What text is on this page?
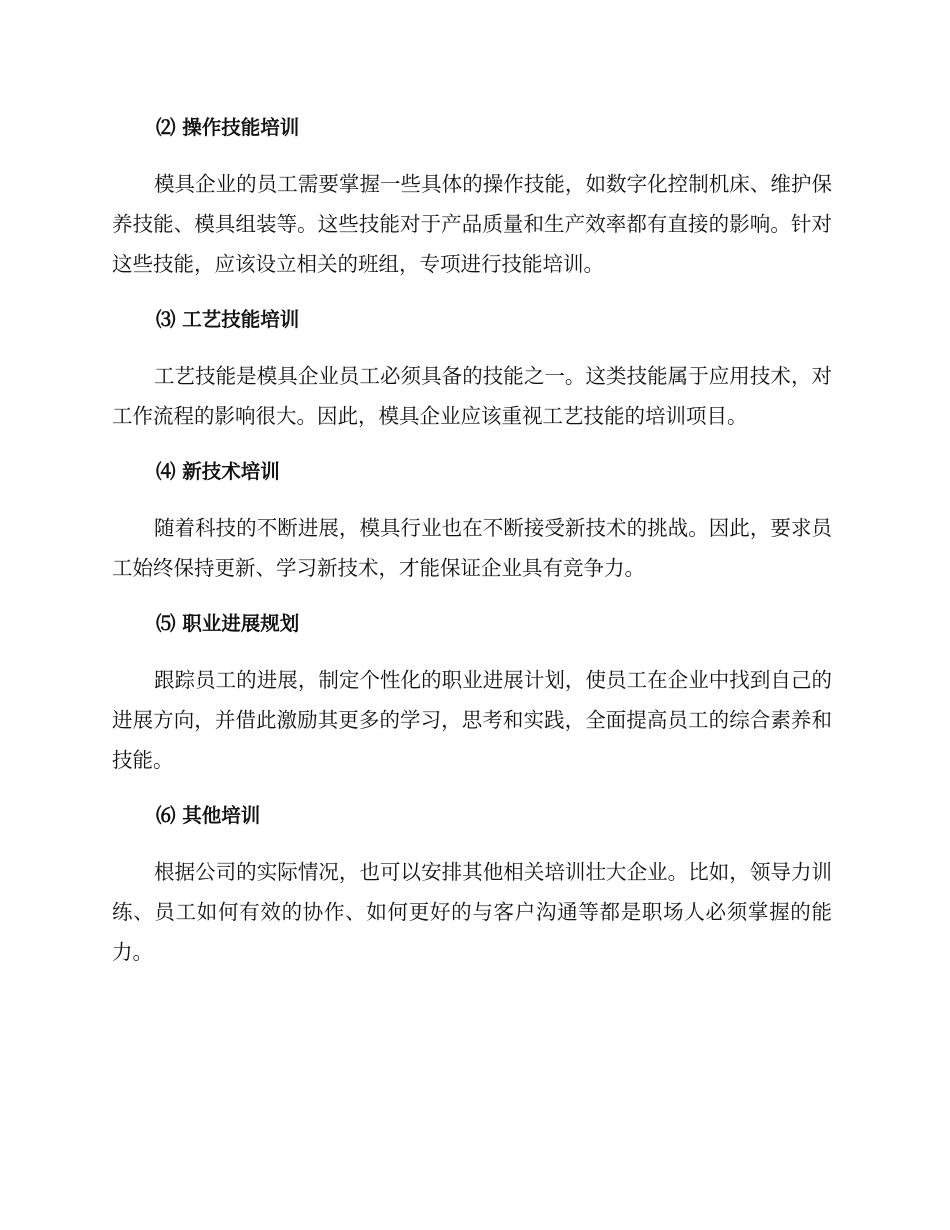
⑵ 操作技能培训

模具企业的员工需要掌握一些具体的操作技能，如数字化控制机床、维护保养技能、模具组装等。这些技能对于产品质量和生产效率都有直接的影响。针对这些技能，应该设立相关的班组，专项进行技能培训。

⑶ 工艺技能培训

工艺技能是模具企业员工必须具备的技能之一。这类技能属于应用技术，对工作流程的影响很大。因此，模具企业应该重视工艺技能的培训项目。

⑷ 新技术培训

随着科技的不断进展，模具行业也在不断接受新技术的挑战。因此，要求员工始终保持更新、学习新技术，才能保证企业具有竞争力。

⑸ 职业进展规划

跟踪员工的进展，制定个性化的职业进展计划，使员工在企业中找到自己的进展方向，并借此激励其更多的学习，思考和实践，全面提高员工的综合素养和技能。

⑹ 其他培训

根据公司的实际情况，也可以安排其他相关培训壮大企业。比如，领导力训练、员工如何有效的协作、如何更好的与客户沟通等都是职场人必须掌握的能力。
